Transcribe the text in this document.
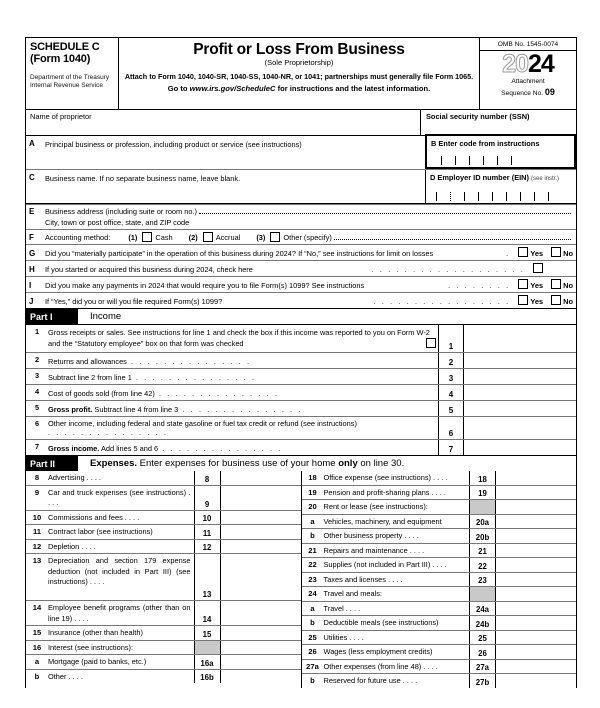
SCHEDULE C
(Form 1040)
Department of the Treasury
Internal Revenue Service
Profit or Loss From Business
(Sole Proprietorship)
Attach to Form 1040, 1040-SR, 1040-SS, 1040-NR, or 1041; partnerships must generally file Form 1065.
Go to www.irs.gov/ScheduleC for instructions and the latest information.
OMB No. 1545-0074
2024
Attachment
Sequence No. 09
Name of proprietor	Social security number (SSN)
A	Principal business or profession, including product or service (see instructions)	B Enter code from instructions
C	Business name. If no separate business name, leave blank.	D Employer ID number (EIN) (see instr.)
E	Business address (including suite or room no.)
City, town or post office, state, and ZIP code
F	Accounting method:	(1) Cash	(2) Accrual	(3) Other (specify)
G	Did you “materially participate” in the operation of this business during 2024? If “No,” see instructions for limit on losses	.	Yes	No
H	If you started or acquired this business during 2024, check here	. . . . . . . . . . . . . . . . . . .
I	Did you make any payments in 2024 that would require you to file Form(s) 1099? See instructions	. . . . . . . .	Yes	No
J	If “Yes,” did you or will you file required Form(s) 1099?	. . . . . . . . . . . . . . . . .	Yes	No
Part I	Income
1	Gross receipts or sales. See instructions for line 1 and check the box if this income was reported to you on Form W-2 and the “Statutory employee” box on that form was checked	1
2	Returns and allowances . . . . . . . . . . . . . . .	2
3	Subtract line 2 from line 1 . . . . . . . . . . . . . . .	3
4	Cost of goods sold (from line 42) . . . . . . . . . . . . . . .	4
5	Gross profit. Subtract line 4 from line 3 . . . . . . . . . . . . . . .	5
6	Other income, including federal and state gasoline or fuel tax credit or refund (see instructions) . . . . . . . . . . . . . . .	6
7	Gross income. Add lines 5 and 6 . . . . . . . . . . . . . . .	7
Part II	Expenses. Enter expenses for business use of your home only on line 30.
8	Advertising . . . .	8
9	Car and truck expenses (see instructions) . . . .	9
10 Commissions and fees . . . .	10
11 Contract labor (see instructions)	11
12 Depletion . . . .	12
13 Depreciation and section 179 expense deduction (not included in Part III) (see instructions) . . . .
13
14 Employee benefit programs (other than on line 19) . . . .	14
15 Insurance (other than health)	15
16 Interest (see instructions):
a	Mortgage (paid to banks, etc.)	16a
b	Other . . . .	16b
18 Office expense (see instructions) . . . .	18
19 Pension and profit-sharing plans . . . .	19
20 Rent or lease (see instructions):
a	Vehicles, machinery, and equipment	20a
b	Other business property . . . .	20b
21 Repairs and maintenance . . . .	21
22 Supplies (not included in Part III) . . . .	22
23 Taxes and licenses . . . .	23
24 Travel and meals:
a	Travel . . . .	24a
b	Deductible meals (see instructions)	24b
25 Utilities . . . .	25
26 Wages (less employment credits)	26
27a Other expenses (from line 48) . . . .	27a
b	Reserved for future use . . . .	27b
